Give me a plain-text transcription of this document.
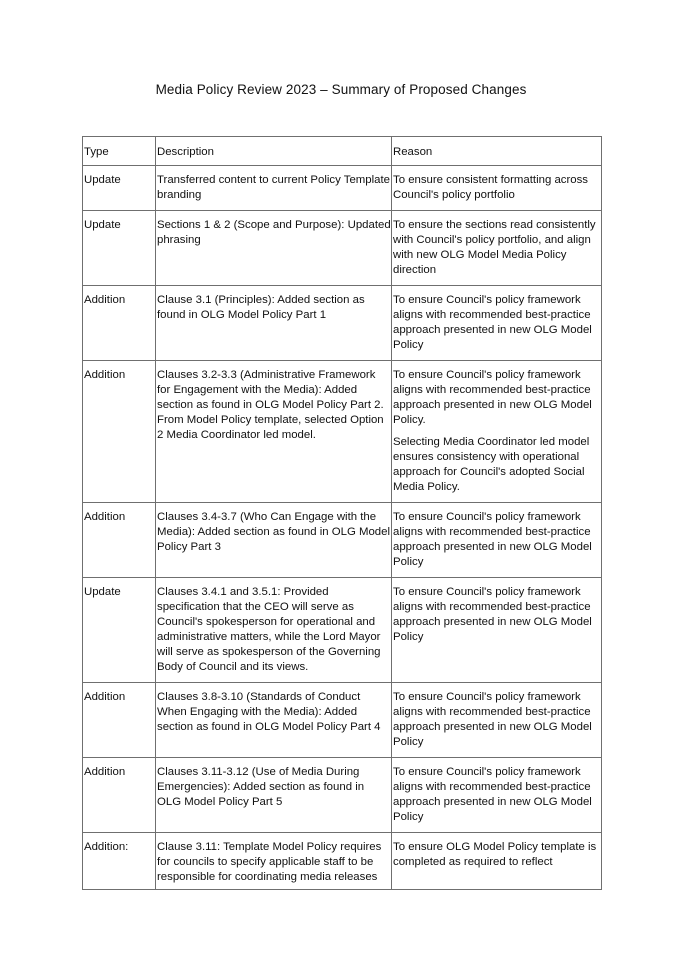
Media Policy Review 2023 – Summary of Proposed Changes
Type	Description	Reason
Update	Transferred content to current Policy Template branding	To ensure consistent formatting across Council's policy portfolio

Update	Sections 1 & 2 (Scope and Purpose): Updated phrasing	To ensure the sections read consistently with Council's policy portfolio, and align with new OLG Model Media Policy direction

Addition	Clause 3.1 (Principles): Added section as found in OLG Model Policy Part 1	To ensure Council's policy framework aligns with recommended best-practice approach presented in new OLG Model Policy

Addition	Clauses 3.2-3.3 (Administrative Framework for Engagement with the Media): Added section as found in OLG Model Policy Part 2. From Model Policy template, selected Option 2 Media Coordinator led model.	To ensure Council's policy framework aligns with recommended best-practice approach presented in new OLG Model Policy.
Selecting Media Coordinator led model ensures consistency with operational approach for Council's adopted Social Media Policy.

Addition	Clauses 3.4-3.7 (Who Can Engage with the Media): Added section as found in OLG Model Policy Part 3	To ensure Council's policy framework aligns with recommended best-practice approach presented in new OLG Model Policy

Update	Clauses 3.4.1 and 3.5.1: Provided specification that the CEO will serve as Council's spokesperson for operational and administrative matters, while the Lord Mayor will serve as spokesperson of the Governing Body of Council and its views.	To ensure Council's policy framework aligns with recommended best-practice approach presented in new OLG Model Policy

Addition	Clauses 3.8-3.10 (Standards of Conduct When Engaging with the Media): Added section as found in OLG Model Policy Part 4	To ensure Council's policy framework aligns with recommended best-practice approach presented in new OLG Model Policy

Addition	Clauses 3.11-3.12 (Use of Media During Emergencies): Added section as found in OLG Model Policy Part 5	To ensure Council's policy framework aligns with recommended best-practice approach presented in new OLG Model Policy

Addition:	Clause 3.11: Template Model Policy requires for councils to specify applicable staff to be responsible for coordinating media releases	To ensure OLG Model Policy template is completed as required to reflect
